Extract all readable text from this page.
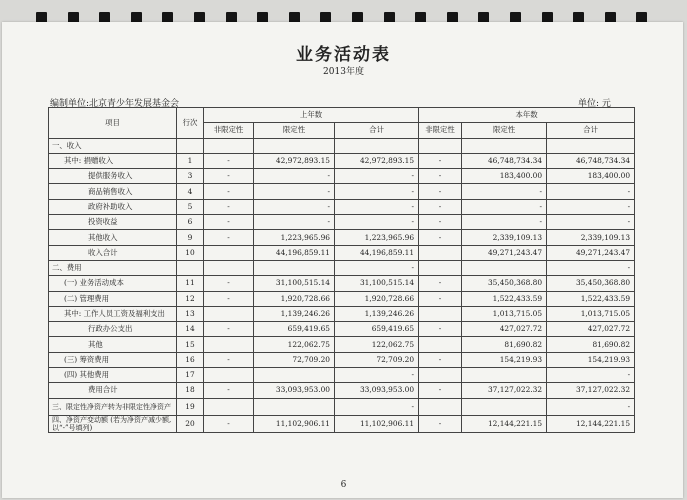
业务活动表
2013年度
编制单位:北京青少年发展基金会	单位: 元
项目	行次	上年数			本年数		
		非限定性	限定性	合计	非限定性	限定性	合计
一、收入							
其中: 捐赠收入	1	-	42,972,893.15	42,972,893.15	-	46,748,734.34	46,748,734.34
提供服务收入	3	-	-	-	-	183,400.00	183,400.00
商品销售收入	4	-	-	-	-	-	-
政府补助收入	5	-	-	-	-	-	-
投资收益	6	-	-	-	-	-	-
其他收入	9	-	1,223,965.96	1,223,965.96	-	2,339,109.13	2,339,109.13
收入合计	10		44,196,859.11	44,196,859.11		49,271,243.47	49,271,243.47
二、费用				-			-
(一) 业务活动成本	11	-	31,100,515.14	31,100,515.14	-	35,450,368.80	35,450,368.80
(二) 管理费用	12	-	1,920,728.66	1,920,728.66	-	1,522,433.59	1,522,433.59
其中: 工作人员工资及福利支出	13		1,139,246.26	1,139,246.26		1,013,715.05	1,013,715.05
行政办公支出	14	-	659,419.65	659,419.65	-	427,027.72	427,027.72
其他	15		122,062.75	122,062.75		81,690.82	81,690.82
(三) 筹资费用	16	-	72,709.20	72,709.20	-	154,219.93	154,219.93
(四) 其他费用	17			-			-
费用合计	18	-	33,093,953.00	33,093,953.00	-	37,127,022.32	37,127,022.32
三、限定性净资产转为非限定性净资产	19			-			-
四、净资产变动额 (若为净资产减少额, 以“-”号填列)	20	-	11,102,906.11	11,102,906.11	-	12,144,221.15	12,144,221.15
6
